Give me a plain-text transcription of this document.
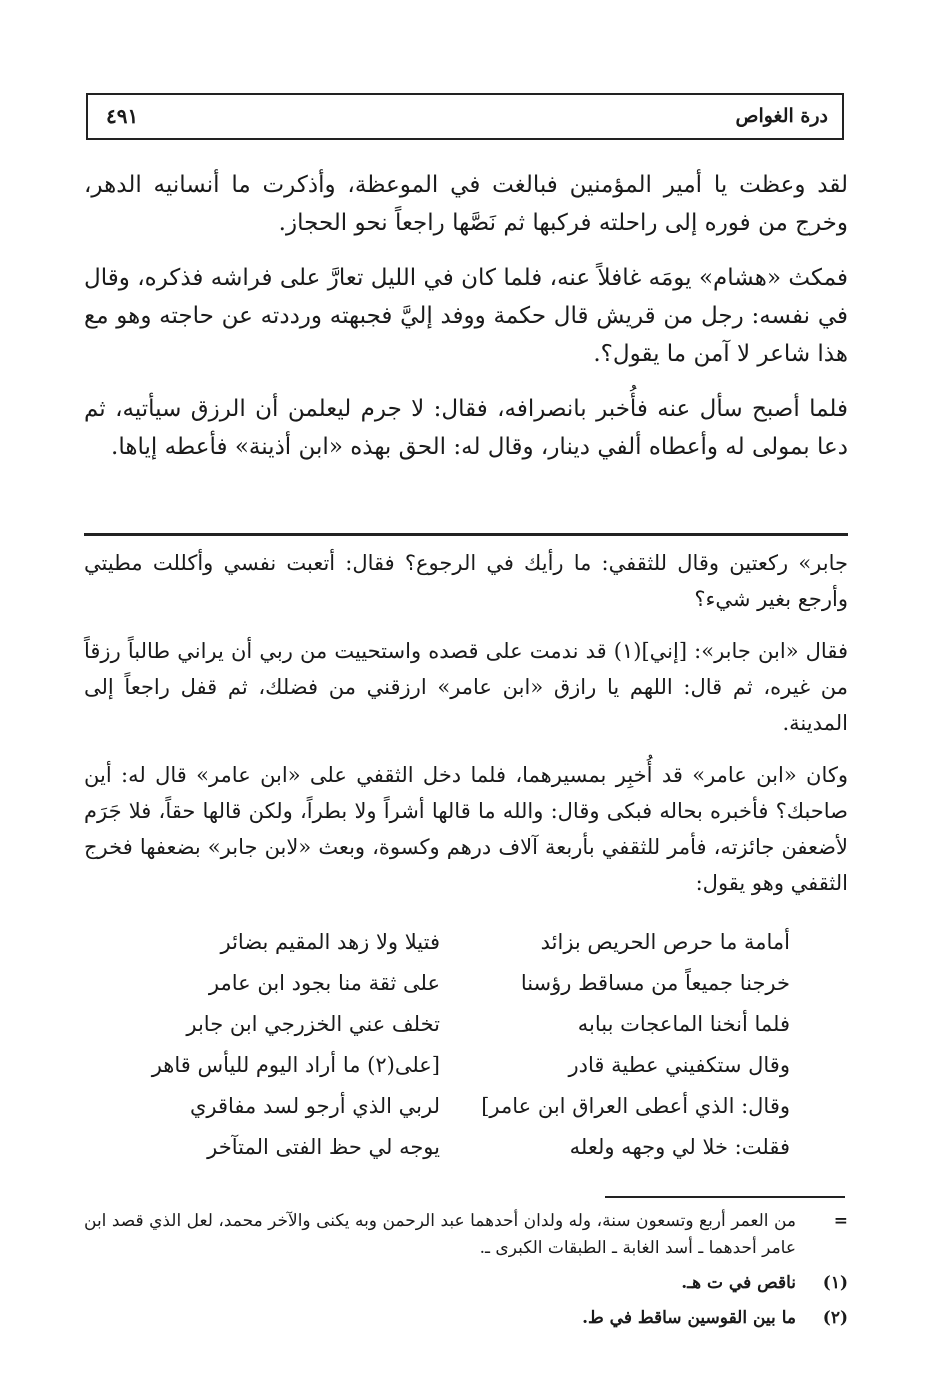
درة الغواص
٤٩١

لقد وعظت يا أمير المؤمنين فبالغت في الموعظة، وأذكرت ما أنسانيه الدهر، وخرج من فوره إلى راحلته فركبها ثم نَصَّها راجعاً نحو الحجاز.

فمكث «هشام» يومَه غافلاً عنه، فلما كان في الليل تعارَّ على فراشه فذكره، وقال في نفسه: رجل من قريش قال حكمة ووفد إليَّ فجبهته ورددته عن حاجته وهو مع هذا شاعر لا آمن ما يقول؟.

فلما أصبح سأل عنه فأُخبر بانصرافه، فقال: لا جرم ليعلمن أن الرزق سيأتيه، ثم دعا بمولى له وأعطاه ألفي دينار، وقال له: الحق بهذه «ابن أذينة» فأعطه إياها.

جابر» ركعتين وقال للثقفي: ما رأيك في الرجوع؟ فقال: أتعبت نفسي وأكللت مطيتي وأرجع بغير شيء؟

فقال «ابن جابر»: [إني](١) قد ندمت على قصده واستحييت من ربي أن يراني طالباً رزقاً من غيره، ثم قال: اللهم يا رازق «ابن عامر» ارزقني من فضلك، ثم قفل راجعاً إلى المدينة.

وكان «ابن عامر» قد أُخبِر بمسيرهما، فلما دخل الثقفي على «ابن عامر» قال له: أين صاحبك؟ فأخبره بحاله فبكى وقال: والله ما قالها أشراً ولا بطراً، ولكن قالها حقاً، فلا جَرَم لأضعفن جائزته، فأمر للثقفي بأربعة آلاف درهم وكسوة، وبعث «لابن جابر» بضعفها فخرج الثقفي وهو يقول:

أمامة ما حرص الحريص بزائد
فتيلا ولا زهد المقيم بضائر
خرجنا جميعاً من مساقط رؤسنا
على ثقة منا بجود ابن عامر
فلما أنخنا الماعجات ببابه
تخلف عني الخزرجي ابن جابر
وقال ستكفيني عطية قادر
[على(٢) ما أراد اليوم لليأس قاهر
وقال: الذي أعطى العراق ابن عامر]
لربي الذي أرجو لسد مفاقري
فقلت: خلا لي وجهه ولعله
يوجه لي حظ الفتى المتآخر
=
من العمر أربع وتسعون سنة، وله ولدان أحدهما عبد الرحمن وبه يكنى والآخر محمد، لعل الذي قصد ابن عامر أحدهما ـ أسد الغابة ـ الطبقات الكبرى ـ.
(١)
ناقص في ت هـ.
(٢)
ما بين القوسين ساقط في ط.
